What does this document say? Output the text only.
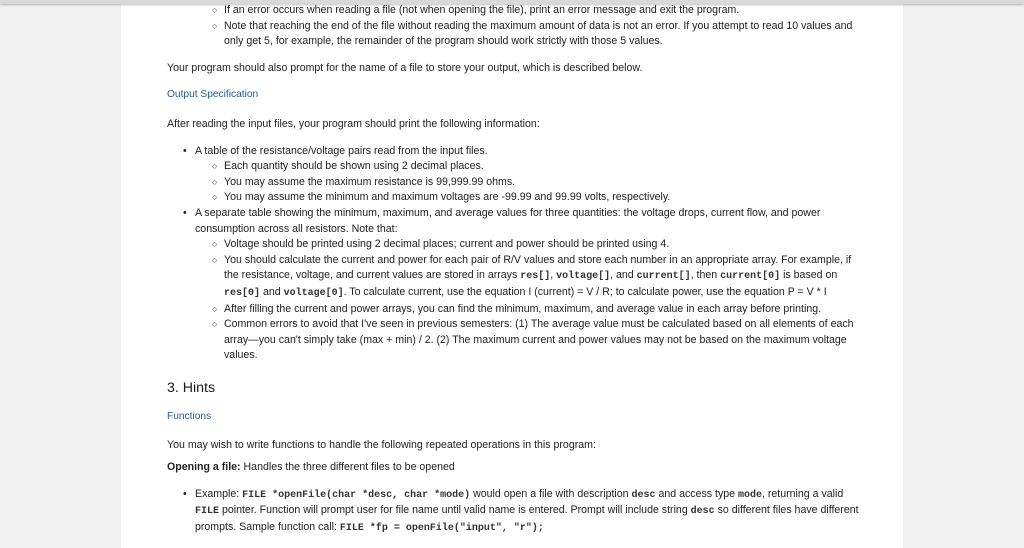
○ If an error occurs when reading a file (not when opening the file), print an error message and exit the program.
○ Note that reaching the end of the file without reading the maximum amount of data is not an error. If you attempt to read 10 values and only get 5, for example, the remainder of the program should work strictly with those 5 values.

Your program should also prompt for the name of a file to store your output, which is described below.

Output Specification

After reading the input files, your program should print the following information:

• A table of the resistance/voltage pairs read from the input files.
○ Each quantity should be shown using 2 decimal places.
○ You may assume the maximum resistance is 99,999.99 ohms.
○ You may assume the minimum and maximum voltages are -99.99 and 99.99 volts, respectively.
• A separate table showing the minimum, maximum, and average values for three quantities: the voltage drops, current flow, and power consumption across all resistors. Note that:
○ Voltage should be printed using 2 decimal places; current and power should be printed using 4.
○ You should calculate the current and power for each pair of R/V values and store each number in an appropriate array. For example, if the resistance, voltage, and current values are stored in arrays res[], voltage[], and current[], then current[0] is based on res[0] and voltage[0]. To calculate current, use the equation I (current) = V / R; to calculate power, use the equation P = V * I
○ After filling the current and power arrays, you can find the minimum, maximum, and average value in each array before printing.
○ Common errors to avoid that I've seen in previous semesters: (1) The average value must be calculated based on all elements of each array—you can't simply take (max + min) / 2. (2) The maximum current and power values may not be based on the maximum voltage values.

3. Hints

Functions

You may wish to write functions to handle the following repeated operations in this program:

Opening a file: Handles the three different files to be opened

• Example: FILE *openFile(char *desc, char *mode) would open a file with description desc and access type mode, returning a valid FILE pointer. Function will prompt user for file name until valid name is entered. Prompt will include string desc so different files have different prompts. Sample function call: FILE *fp = openFile("input", "r");
